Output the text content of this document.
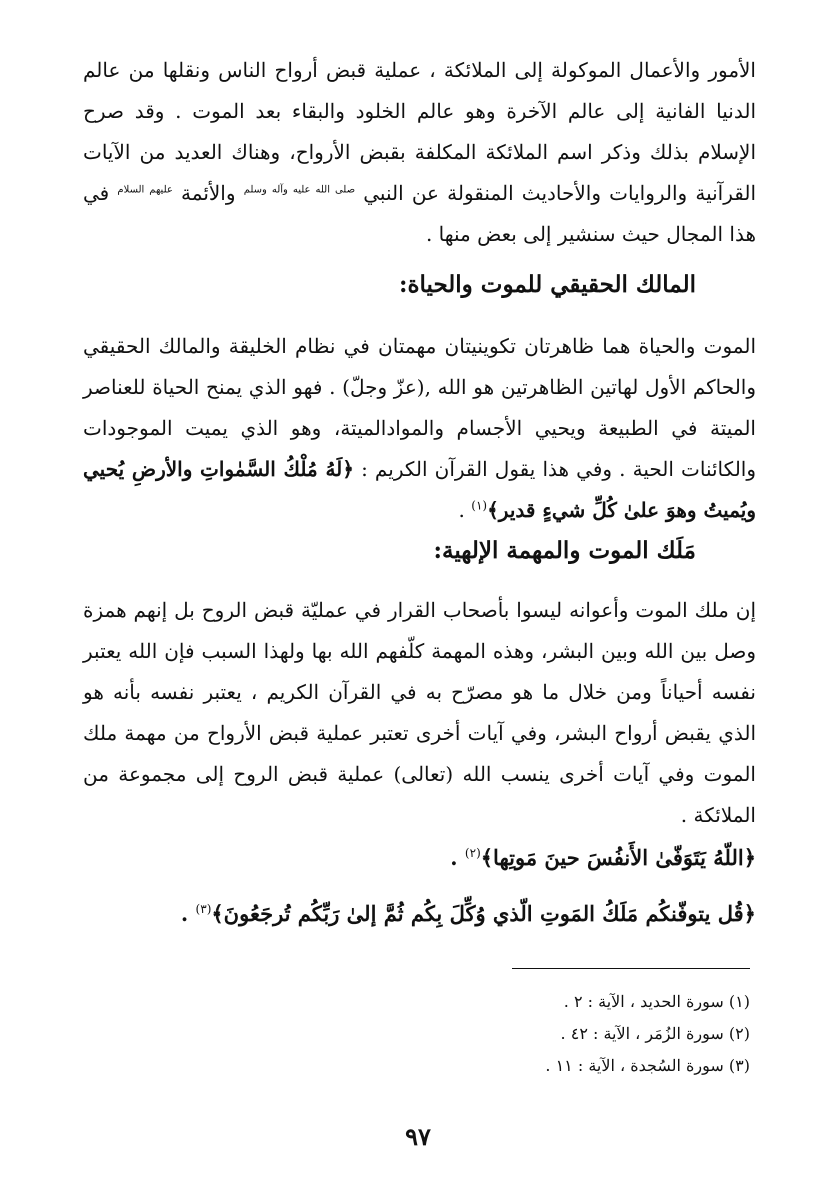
الأمور والأعمال الموكولة إلى الملائكة ، عملية قبض أرواح الناس ونقلها من عالم الدنيا الفانية إلى عالم الآخرة وهو عالم الخلود والبقاء بعد الموت . وقد صرح الإسلام بذلك وذكر اسم الملائكة المكلفة بقبض الأرواح، وهناك العديد من الآيات القرآنية والروايات والأحاديث المنقولة عن النبي $^{صلى الله عليه وآله وسلم}$ والأئمة $^{عليهم السلام}$ في هذا المجال حيث سنشير إلى بعض منها .

المالك الحقيقي للموت والحياة:

الموت والحياة هما ظاهرتان تكوينيتان مهمتان في نظام الخليقة والمالك الحقيقي والحاكم الأول لهاتين الظاهرتين هو الله ,(عزّ وجلّ) . فهو الذي يمنح الحياة للعناصر الميتة في الطبيعة ويحيي الأجسام والموادالميتة، وهو الذي يميت الموجودات والكائنات الحية . وفي هذا يقول القرآن الكريم : ﴿لَهُ مُلْكُ السَّمٰواتِ والأرضِ يُحيي ويُميتُ وهوَ علىٰ كُلِّ شيءٍ قدير﴾$^{(١)}$ .

مَلَك الموت والمهمة الإلهية:

إن ملك الموت وأعوانه ليسوا بأصحاب القرار في عمليّة قبض الروح بل إنهم همزة وصل بين الله وبين البشر، وهذه المهمة كلّفهم الله بها ولهذا السبب فإن الله يعتبر نفسه أحياناً ومن خلال ما هو مصرّح به في القرآن الكريم ، يعتبر نفسه بأنه هو الذي يقبض أرواح البشر، وفي آيات أخرى تعتبر عملية قبض الأرواح من مهمة ملك الموت وفي آيات أخرى ينسب الله (تعالى) عملية قبض الروح إلى مجموعة من الملائكة .

﴿اللّهُ يَتَوَفّىٰ الأَنفُسَ حينَ مَوتِها﴾$^{(٢)}$ .

﴿قُل يتوفّنكُم مَلَكُ المَوتِ الّذي وُكِّلَ بِكُم ثُمَّ إلىٰ رَبِّكُم تُرجَعُونَ﴾$^{(٣)}$ .

(١) سورة الحديد ، الآية : ٢ .
(٢) سورة الزُمَر ، الآية : ٤٢ .
(٣) سورة السُجدة ، الآية : ١١ .
٩٧
